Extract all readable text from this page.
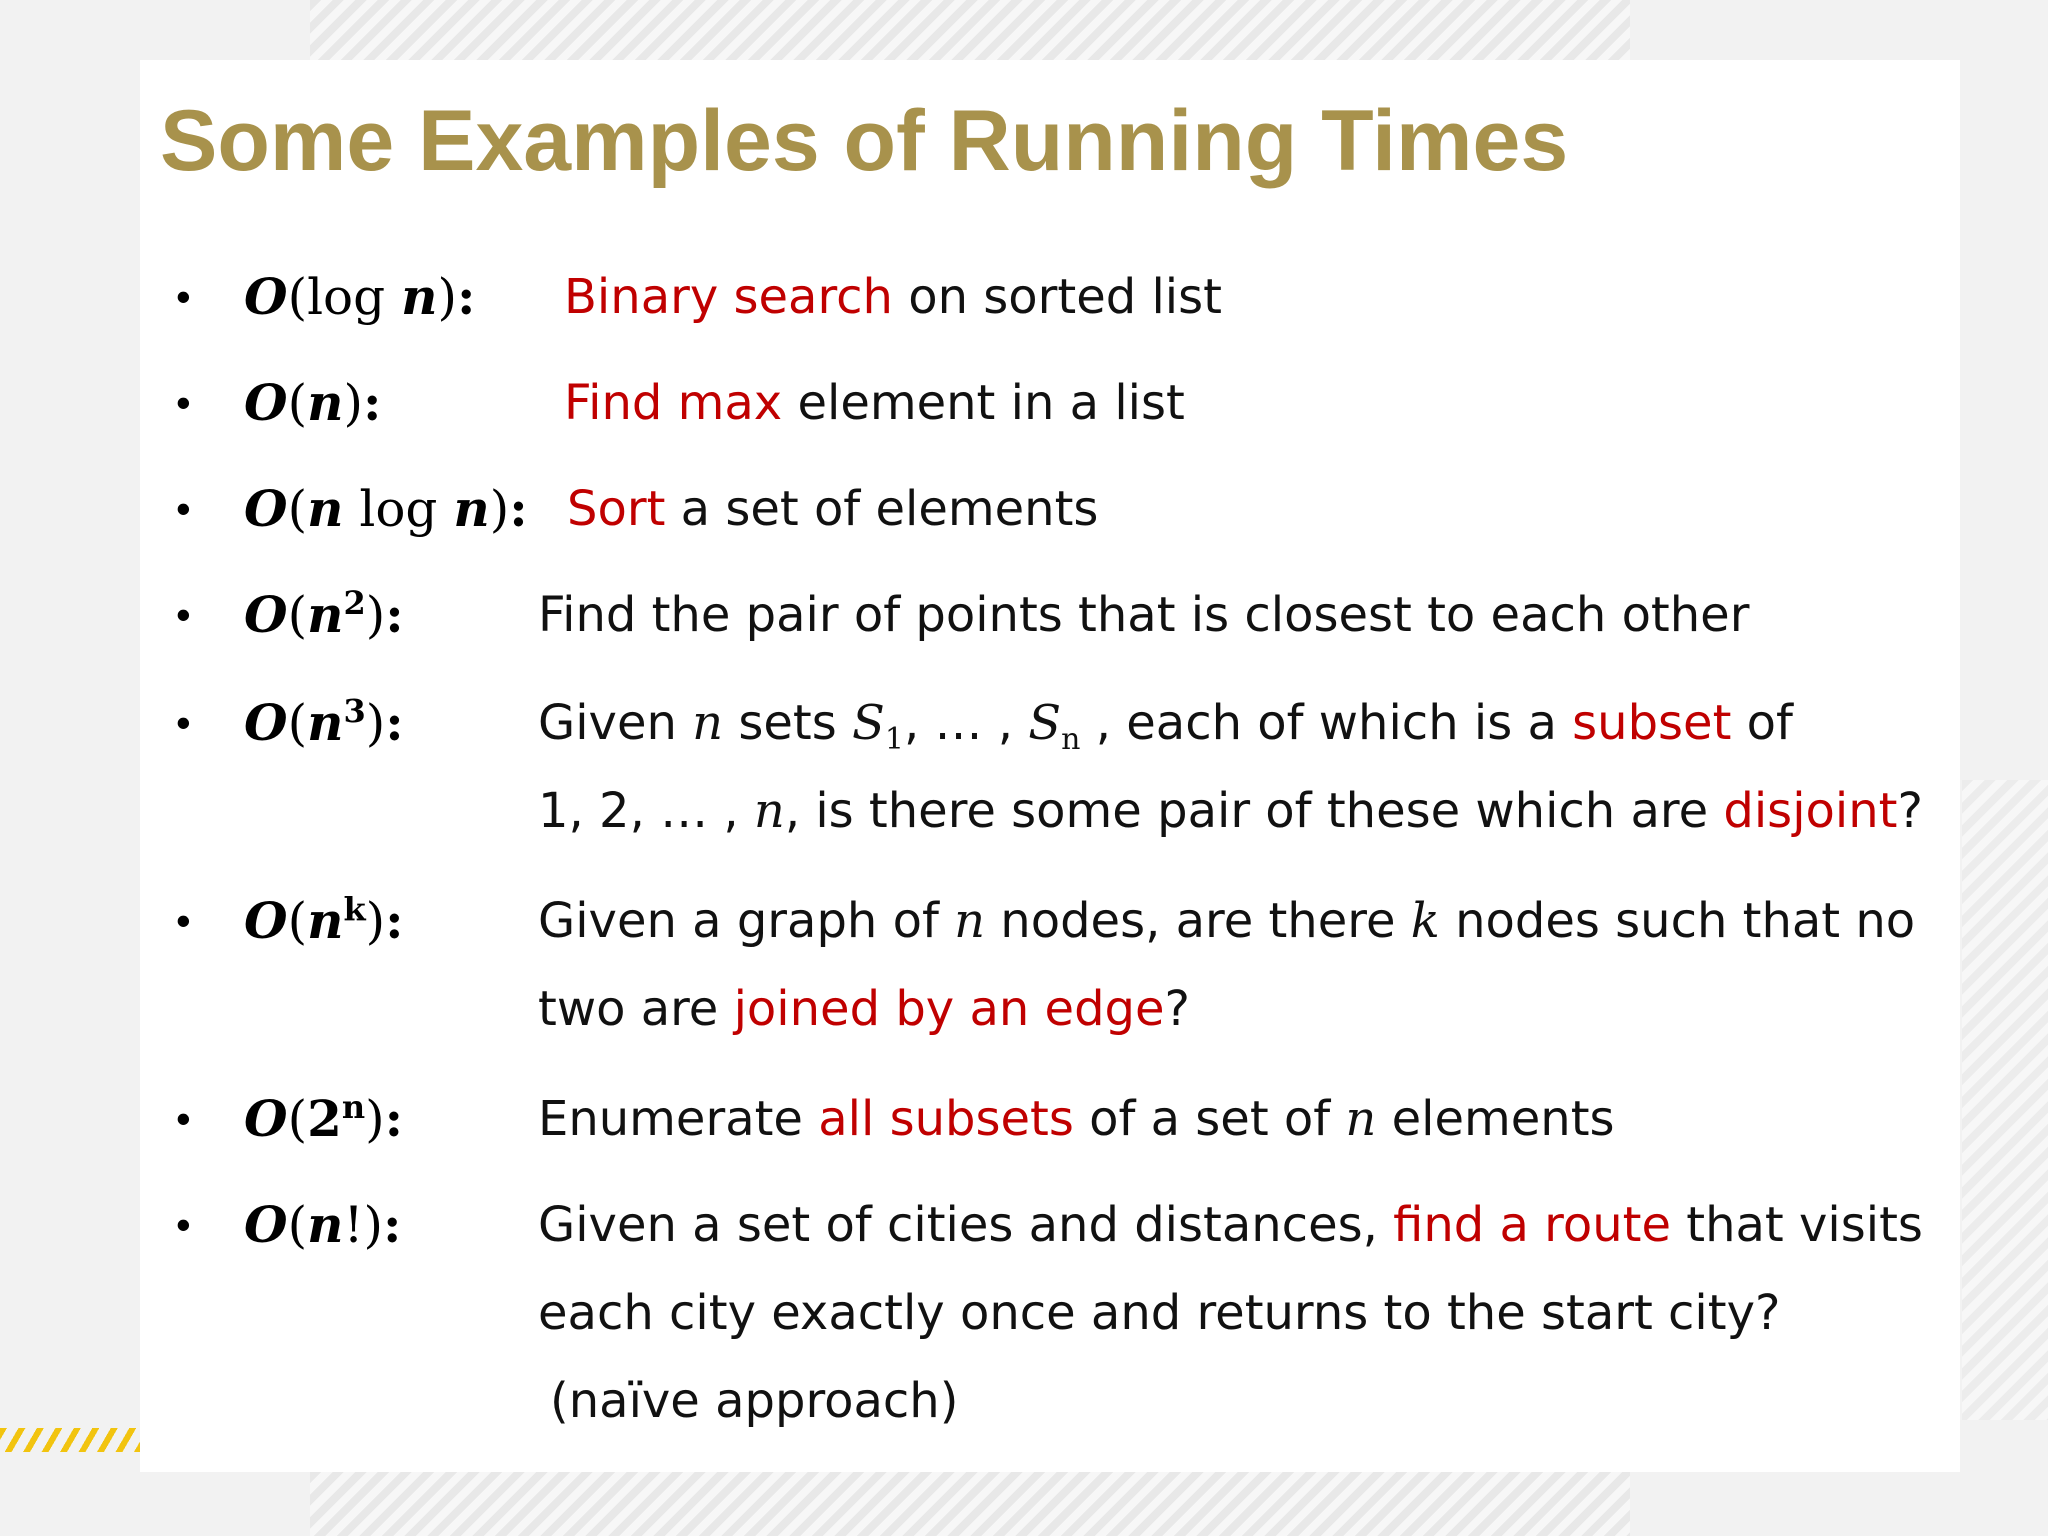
Some Examples of Running Times
• O(log n): Binary search on sorted list
• O(n):	Find max element in a list
• O(n log n): Sort a set of elements
• $O(n^2)$:	Find the pair of points that is closest to each other
• $O(n^3)$:	Given n sets $S_1$, … , $S_n$ , each of which is a subset of
1, 2, … , n, is there some pair of these which are disjoint?
• $O(n^k)$:	Given a graph of n nodes, are there k nodes such that no
two are joined by an edge?
• O(2$^n$):	Enumerate all subsets of a set of n elements
• O(n!):	Given a set of cities and distances, find a route that visits
each city exactly once and returns to the start city?
(naïve approach)
